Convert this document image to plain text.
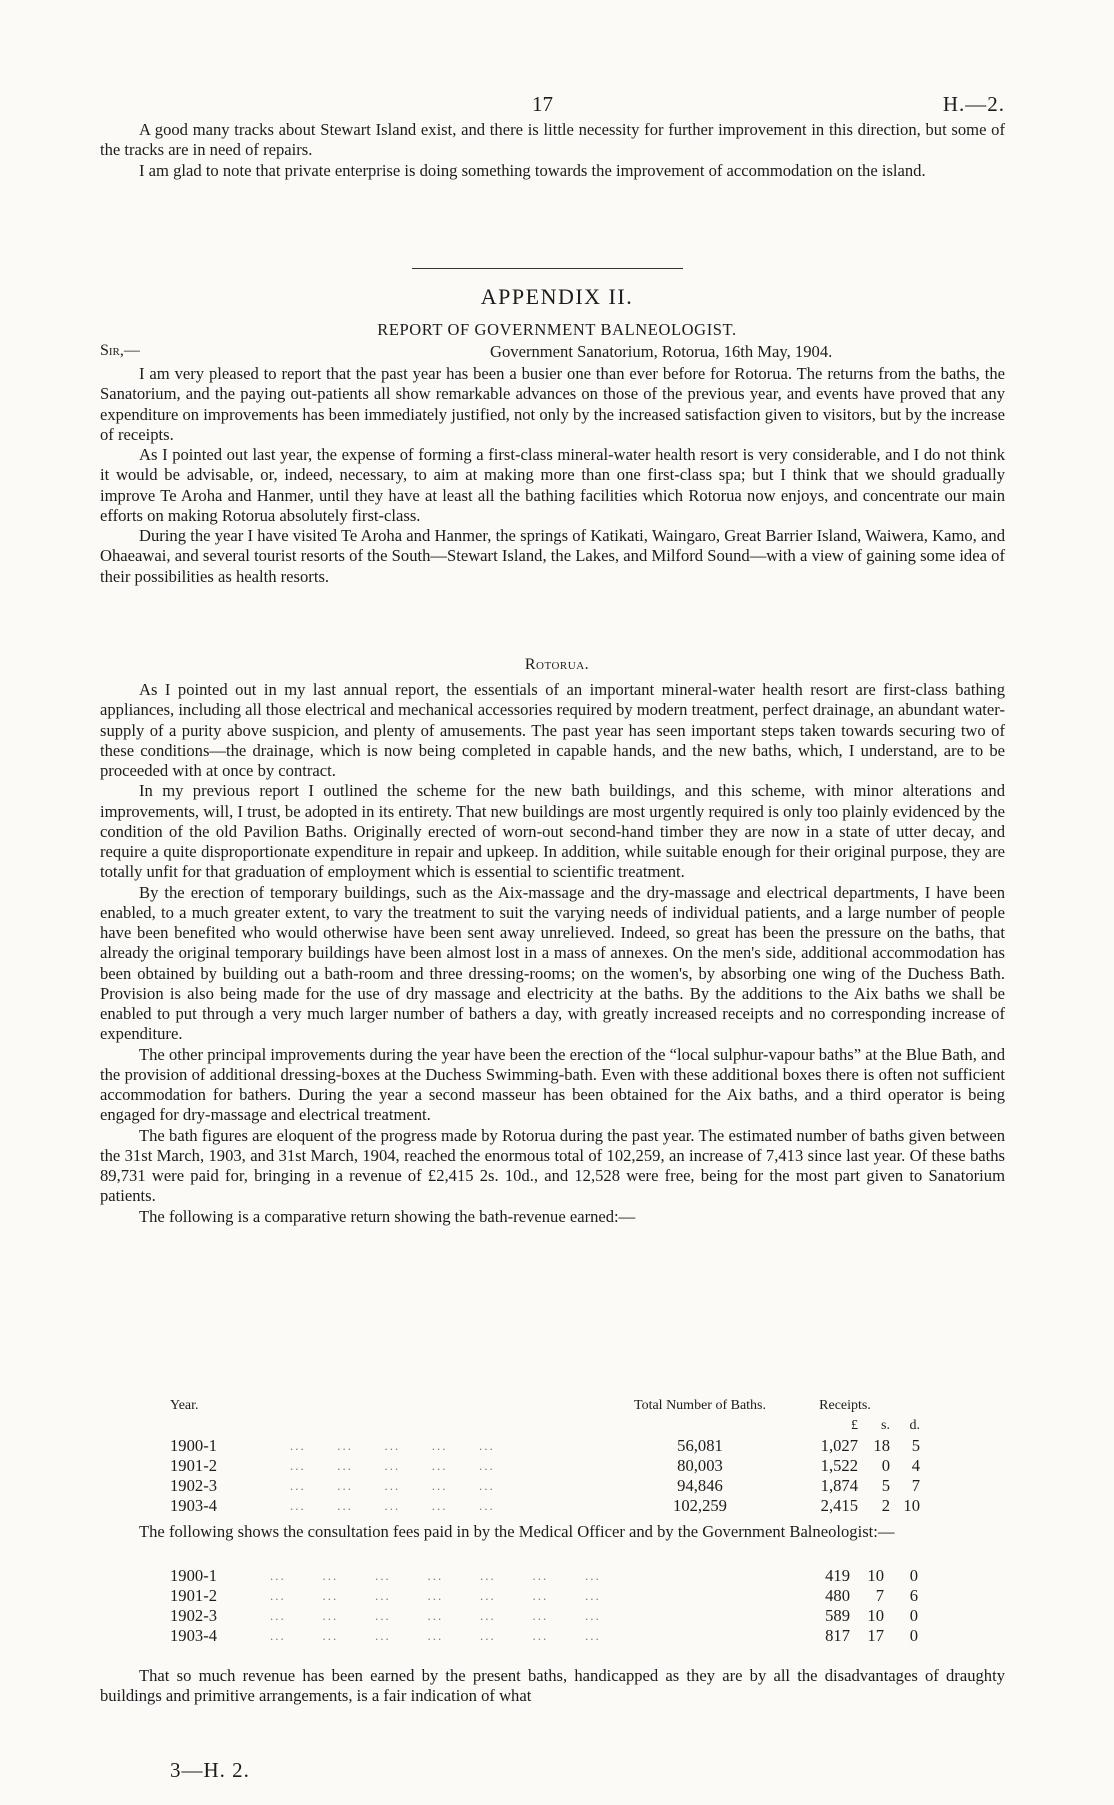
17	H.—2.

A good many tracks about Stewart Island exist, and there is little necessity for further improvement in this direction, but some of the tracks are in need of repairs.

I am glad to note that private enterprise is doing something towards the improvement of accommodation on the island.

APPENDIX II.
REPORT OF GOVERNMENT BALNEOLOGIST.
Sir,—	Government Sanatorium, Rotorua, 16th May, 1904.

I am very pleased to report that the past year has been a busier one than ever before for Rotorua. The returns from the baths, the Sanatorium, and the paying out-patients all show remarkable advances on those of the previous year, and events have proved that any expenditure on improvements has been immediately justified, not only by the increased satisfaction given to visitors, but by the increase of receipts.

As I pointed out last year, the expense of forming a first-class mineral-water health resort is very considerable, and I do not think it would be advisable, or, indeed, necessary, to aim at making more than one first-class spa; but I think that we should gradually improve Te Aroha and Hanmer, until they have at least all the bathing facilities which Rotorua now enjoys, and concentrate our main efforts on making Rotorua absolutely first-class.

During the year I have visited Te Aroha and Hanmer, the springs of Katikati, Waingaro, Great Barrier Island, Waiwera, Kamo, and Ohaeawai, and several tourist resorts of the South—Stewart Island, the Lakes, and Milford Sound—with a view of gaining some idea of their possibilities as health resorts.

Rotorua.

As I pointed out in my last annual report, the essentials of an important mineral-water health resort are first-class bathing appliances, including all those electrical and mechanical accessories required by modern treatment, perfect drainage, an abundant water-supply of a purity above suspicion, and plenty of amusements. The past year has seen important steps taken towards securing two of these conditions—the drainage, which is now being completed in capable hands, and the new baths, which, I understand, are to be proceeded with at once by contract.

In my previous report I outlined the scheme for the new bath buildings, and this scheme, with minor alterations and improvements, will, I trust, be adopted in its entirety. That new buildings are most urgently required is only too plainly evidenced by the condition of the old Pavilion Baths. Originally erected of worn-out second-hand timber they are now in a state of utter decay, and require a quite disproportionate expenditure in repair and upkeep. In addition, while suitable enough for their original purpose, they are totally unfit for that graduation of employment which is essential to scientific treatment.

By the erection of temporary buildings, such as the Aix-massage and the dry-massage and electrical departments, I have been enabled, to a much greater extent, to vary the treatment to suit the varying needs of individual patients, and a large number of people have been benefited who would otherwise have been sent away unrelieved. Indeed, so great has been the pressure on the baths, that already the original temporary buildings have been almost lost in a mass of annexes. On the men's side, additional accommodation has been obtained by building out a bath-room and three dressing-rooms; on the women's, by absorbing one wing of the Duchess Bath. Provision is also being made for the use of dry massage and electricity at the baths. By the additions to the Aix baths we shall be enabled to put through a very much larger number of bathers a day, with greatly increased receipts and no corresponding increase of expenditure.

The other principal improvements during the year have been the erection of the “local sulphur-vapour baths” at the Blue Bath, and the provision of additional dressing-boxes at the Duchess Swimming-bath. Even with these additional boxes there is often not sufficient accommodation for bathers. During the year a second masseur has been obtained for the Aix baths, and a third operator is being engaged for dry-massage and electrical treatment.

The bath figures are eloquent of the progress made by Rotorua during the past year. The estimated number of baths given between the 31st March, 1903, and 31st March, 1904, reached the enormous total of 102,259, an increase of 7,413 since last year. Of these baths 89,731 were paid for, bringing in a revenue of £2,415 2s. 10d., and 12,528 were free, being for the most part given to Sanatorium patients.

The following is a comparative return showing the bath-revenue earned:—

Year.		Total Number of Baths.	Receipts.		
			£	s.	d.
1900-1	...      ...      ...      ...      ...	56,081	1,027	18	5
1901-2	...      ...      ...      ...      ...	80,003	1,522	0	4
1902-3	...      ...      ...      ...      ...	94,846	1,874	5	7
1903-4	...      ...      ...      ...      ...	102,259	2,415	2	10

The following shows the consultation fees paid in by the Medical Officer and by the Government Balneologist:—

1900-1	...       ...       ...       ...       ...       ...       ...	419	10	0
1901-2	...       ...       ...       ...       ...       ...       ...	480	7	6
1902-3	...       ...       ...       ...       ...       ...       ...	589	10	0
1903-4	...       ...       ...       ...       ...       ...       ...	817	17	0

That so much revenue has been earned by the present baths, handicapped as they are by all the disadvantages of draughty buildings and primitive arrangements, is a fair indication of what

3—H. 2.
